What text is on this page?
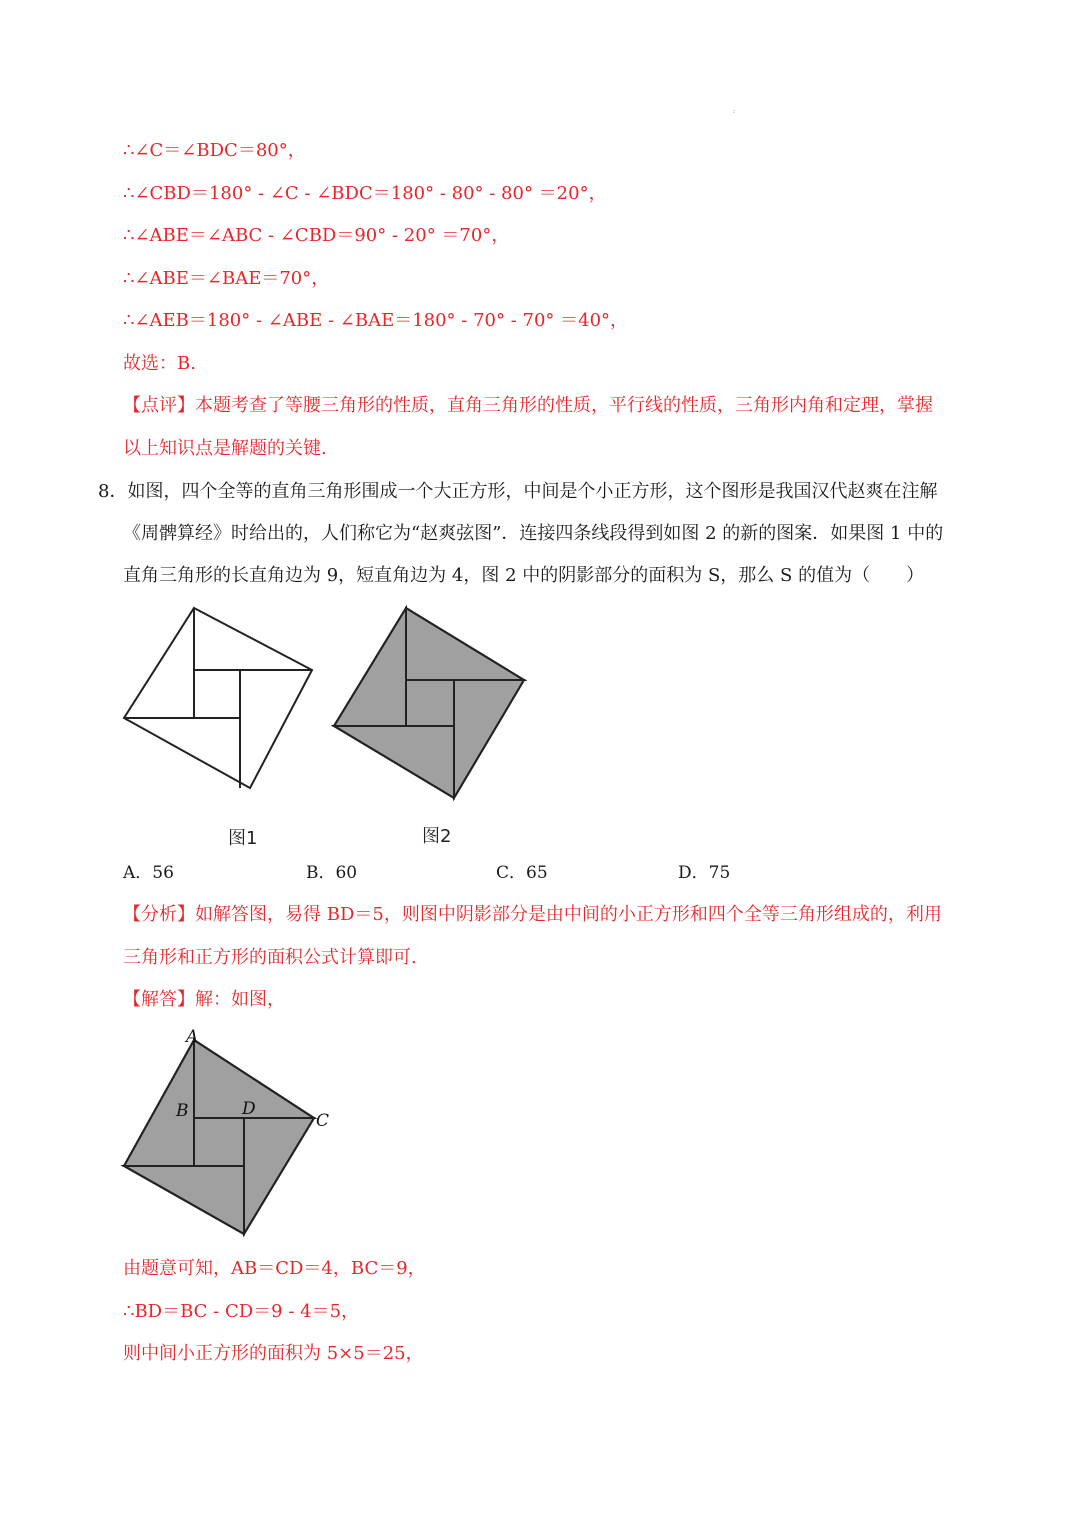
:
∴∠C＝∠BDC＝80°，
∴∠CBD＝180° - ∠C - ∠BDC＝180° - 80° - 80° ＝20°，
∴∠ABE＝∠ABC - ∠CBD＝90° - 20° ＝70°，
∴∠ABE＝∠BAE＝70°，
∴∠AEB＝180° - ∠ABE - ∠BAE＝180° - 70° - 70° ＝40°，
故选：B.
【点评】本题考查了等腰三角形的性质，直角三角形的性质，平行线的性质，三角形内角和定理，掌握
以上知识点是解题的关键.
8．如图，四个全等的直角三角形围成一个大正方形，中间是个小正方形，这个图形是我国汉代赵爽在注解
《周髀算经》时给出的，人们称它为“赵爽弦图”．连接四条线段得到如图 2 的新的图案．如果图 1 中的
直角三角形的长直角边为 9，短直角边为 4，图 2 中的阴影部分的面积为 S，那么 S 的值为（　　）
图1	图2
A．56	B．60	C．65	D．75
【分析】如解答图，易得 BD＝5，则图中阴影部分是由中间的小正方形和四个全等三角形组成的，利用
三角形和正方形的面积公式计算即可.
【解答】解：如图，
A
B	D
C
由题意可知，AB＝CD＝4，BC＝9，
∴BD＝BC - CD＝9 - 4＝5，
则中间小正方形的面积为 5×5＝25，
